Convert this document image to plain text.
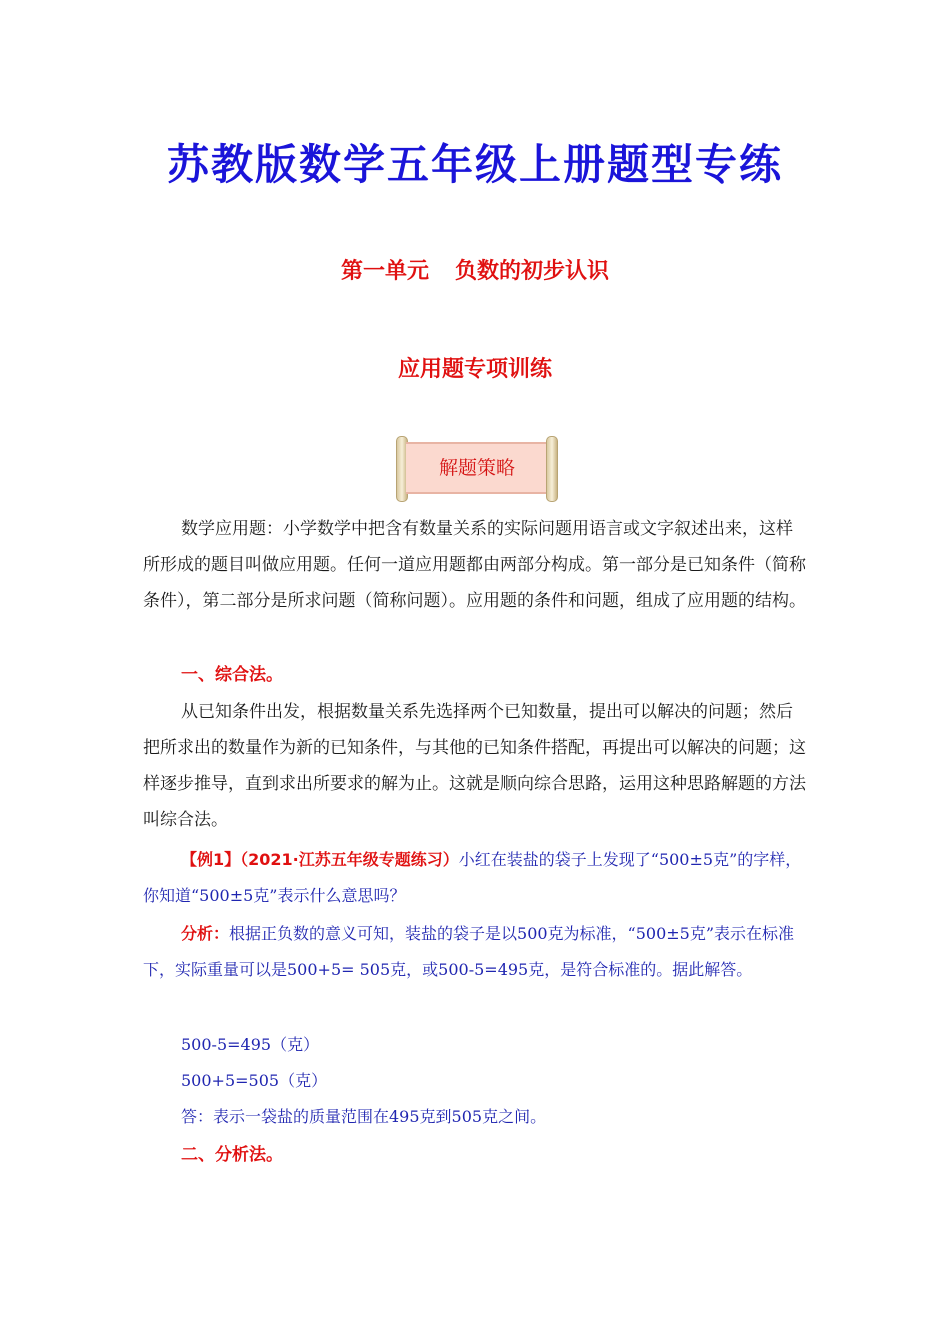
苏教版数学五年级上册题型专练
第一单元 负数的初步认识
应用题专项训练
解题策略
数学应用题：小学数学中把含有数量关系的实际问题用语言或文字叙述出来，这样所形成的题目叫做应用题。任何一道应用题都由两部分构成。第一部分是已知条件（简称条件），第二部分是所求问题（简称问题）。应用题的条件和问题，组成了应用题的结构。
一、综合法。
从已知条件出发，根据数量关系先选择两个已知数量，提出可以解决的问题；然后把所求出的数量作为新的已知条件，与其他的已知条件搭配，再提出可以解决的问题；这样逐步推导，直到求出所要求的解为止。这就是顺向综合思路，运用这种思路解题的方法叫综合法。
【例1】（2021·江苏五年级专题练习）小红在装盐的袋子上发现了“500±5克”的字样，你知道“500±5克”表示什么意思吗？
分析：根据正负数的意义可知，装盐的袋子是以500克为标准，“500±5克”表示在标准下，实际重量可以是500+5= 505克，或500-5=495克，是符合标准的。据此解答。
500-5=495（克）
500+5=505（克）
答：表示一袋盐的质量范围在495克到505克之间。
二、分析法。
